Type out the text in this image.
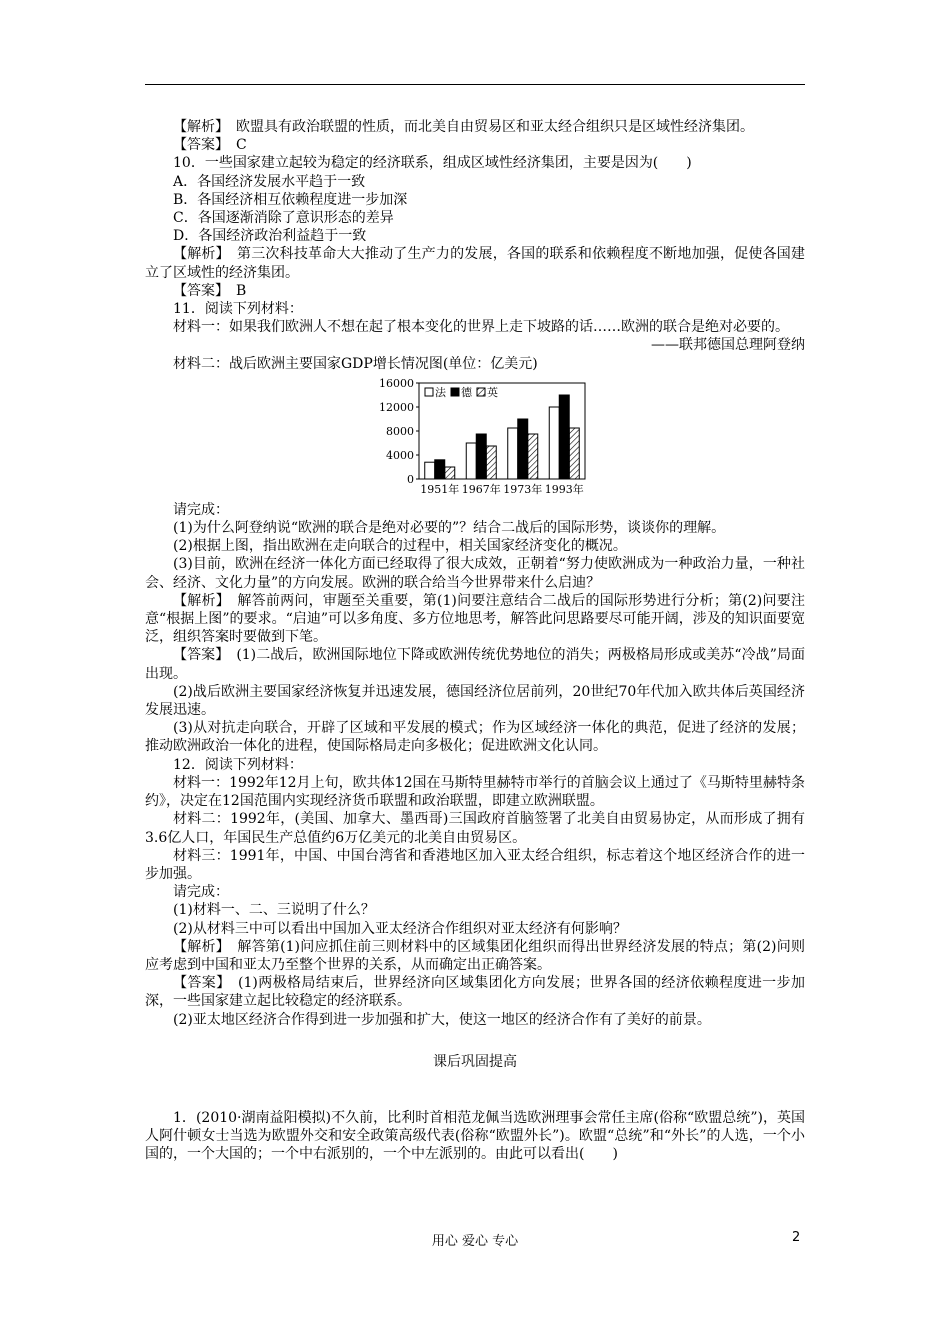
【解析】　欧盟具有政治联盟的性质，而北美自由贸易区和亚太经合组织只是区域性经济集团。

【答案】　C

10．一些国家建立起较为稳定的经济联系，组成区域性经济集团，主要是因为(　　)

A．各国经济发展水平趋于一致

B．各国经济相互依赖程度进一步加深

C．各国逐渐消除了意识形态的差异

D．各国经济政治利益趋于一致

【解析】　第三次科技革命大大推动了生产力的发展，各国的联系和依赖程度不断地加强，促使各国建立了区域性的经济集团。

【答案】　B

11．阅读下列材料：

材料一：如果我们欧洲人不想在起了根本变化的世界上走下坡路的话……欧洲的联合是绝对必要的。

——联邦德国总理阿登纳

材料二：战后欧洲主要国家GDP增长情况图(单位：亿美元)

0
4000
8000
12000
16000
1951年 1967年 1973年 1993年
法 德 英

请完成：

(1)为什么阿登纳说“欧洲的联合是绝对必要的”？结合二战后的国际形势，谈谈你的理解。

(2)根据上图，指出欧洲在走向联合的过程中，相关国家经济变化的概况。

(3)目前，欧洲在经济一体化方面已经取得了很大成效，正朝着“努力使欧洲成为一种政治力量，一种社会、经济、文化力量”的方向发展。欧洲的联合给当今世界带来什么启迪？

【解析】　解答前两问，审题至关重要，第(1)问要注意结合二战后的国际形势进行分析；第(2)问要注意“根据上图”的要求。“启迪”可以多角度、多方位地思考，解答此问思路要尽可能开阔，涉及的知识面要宽泛，组织答案时要做到下笔。

【答案】　(1)二战后，欧洲国际地位下降或欧洲传统优势地位的消失；两极格局形成或美苏“冷战”局面出现。

(2)战后欧洲主要国家经济恢复并迅速发展，德国经济位居前列，20世纪70年代加入欧共体后英国经济发展迅速。

(3)从对抗走向联合，开辟了区域和平发展的模式；作为区域经济一体化的典范，促进了经济的发展；推动欧洲政治一体化的进程，使国际格局走向多极化；促进欧洲文化认同。

12．阅读下列材料：

材料一：1992年12月上旬，欧共体12国在马斯特里赫特市举行的首脑会议上通过了《马斯特里赫特条约》，决定在12国范围内实现经济货币联盟和政治联盟，即建立欧洲联盟。

材料二：1992年，(美国、加拿大、墨西哥)三国政府首脑签署了北美自由贸易协定，从而形成了拥有3.6亿人口，年国民生产总值约6万亿美元的北美自由贸易区。

材料三：1991年，中国、中国台湾省和香港地区加入亚太经合组织，标志着这个地区经济合作的进一步加强。

请完成：

(1)材料一、二、三说明了什么？

(2)从材料三中可以看出中国加入亚太经济合作组织对亚太经济有何影响？

【解析】　解答第(1)问应抓住前三则材料中的区域集团化组织而得出世界经济发展的特点；第(2)问则应考虑到中国和亚太乃至整个世界的关系，从而确定出正确答案。

【答案】　(1)两极格局结束后，世界经济向区域集团化方向发展；世界各国的经济依赖程度进一步加深，一些国家建立起比较稳定的经济联系。

(2)亚太地区经济合作得到进一步加强和扩大，使这一地区的经济合作有了美好的前景。

课后巩固提高

1．(2010·湖南益阳模拟)不久前，比利时首相范龙佩当选欧洲理事会常任主席(俗称“欧盟总统”)，英国人阿什顿女士当选为欧盟外交和安全政策高级代表(俗称“欧盟外长”)。欧盟“总统”和“外长”的人选，一个小国的，一个大国的；一个中右派别的，一个中左派别的。由此可以看出(　　)

用心 爱心 专心	2
